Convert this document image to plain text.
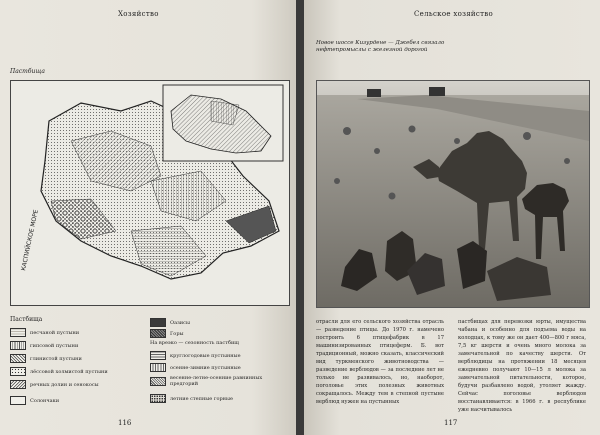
Хозяйство
Пастбища
КАСПИЙСКОЕ МОРЕ
Пастбища
песчаной пустыни
гипсовой пустыни
глинистой пустыни
лёссовой холмистой пустыни
речных долин и сенокосы
Солончаки
Оазисы
Горы
На вреэко — сезонность пастбищ
круглогодовые пустынные
осенне-зимние пустынные
весенне-летне-осенние равнинных предгорий
летние степные горные
116
Сельское хозяйство
Новое шоссе Кизурдене — Джебел связало нефтепромыслы с железной дорогой
отрасли для его сельского хозяйства отрасль — разведение птицы. До 1970 г. намечено построить 6 птицефабрик в 17 машинизированных птицеферм. Б. вот традиционный, можно сказать, классический вид туркменского животноводства — разведение верблюдов — за последние лет не только не развивалось, но, наоборот, поголовье этих полезных животных сокращалось. Между тем в степной пустыне верблюд нужен на пустынных
пастбищах для перевозки юрты, имущества чабана и особенно для подъема воды на колодцах, к тому же он дает 400—800 г мяса, 7,5 кг шерсти и очень много молока за замечательной по качеству шерсти. От верблюдицы на протяжении 18 месяцев ежедневно получают 10—15 л молока за замечательной питательности, которое, будучи разбавлено водой, утоляет жажду. Сейчас поголовье верблюдов восстанавливается: в 1966 г. в республике уже насчитывалось
117
